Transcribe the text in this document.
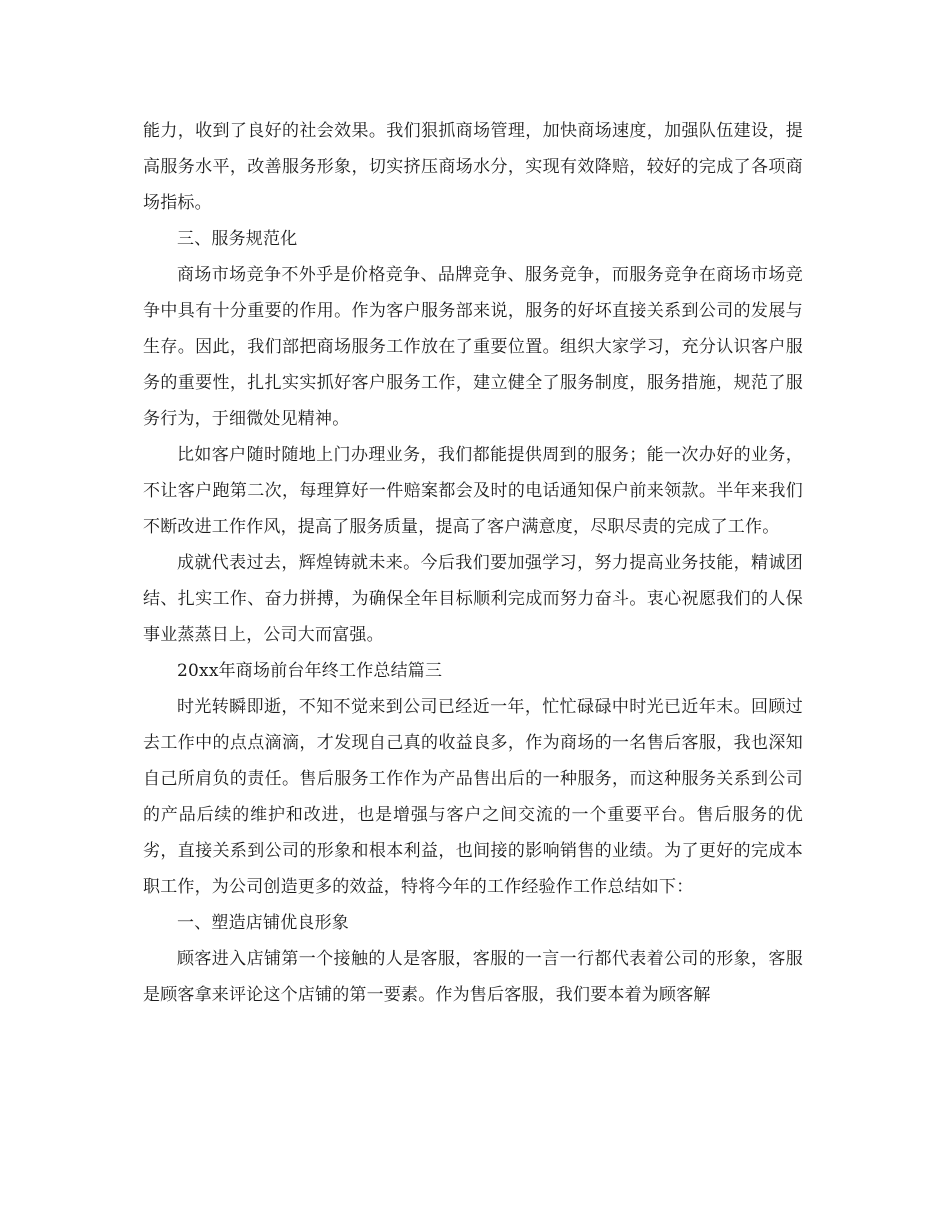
能力，收到了良好的社会效果。我们狠抓商场管理，加快商场速度，加强队伍建设，提高服务水平，改善服务形象，切实挤压商场水分，实现有效降赔，较好的完成了各项商场指标。

三、服务规范化

商场市场竞争不外乎是价格竞争、品牌竞争、服务竞争，而服务竞争在商场市场竞争中具有十分重要的作用。作为客户服务部来说，服务的好坏直接关系到公司的发展与生存。因此，我们部把商场服务工作放在了重要位置。组织大家学习，充分认识客户服务的重要性，扎扎实实抓好客户服务工作，建立健全了服务制度，服务措施，规范了服务行为，于细微处见精神。

比如客户随时随地上门办理业务，我们都能提供周到的服务；能一次办好的业务，不让客户跑第二次，每理算好一件赔案都会及时的电话通知保户前来领款。半年来我们不断改进工作作风，提高了服务质量，提高了客户满意度，尽职尽责的完成了工作。

成就代表过去，辉煌铸就未来。今后我们要加强学习，努力提高业务技能，精诚团结、扎实工作、奋力拼搏，为确保全年目标顺利完成而努力奋斗。衷心祝愿我们的人保事业蒸蒸日上，公司大而富强。

20xx年商场前台年终工作总结篇三

时光转瞬即逝，不知不觉来到公司已经近一年，忙忙碌碌中时光已近年末。回顾过去工作中的点点滴滴，才发现自己真的收益良多，作为商场的一名售后客服，我也深知自己所肩负的责任。售后服务工作作为产品售出后的一种服务，而这种服务关系到公司的产品后续的维护和改进，也是增强与客户之间交流的一个重要平台。售后服务的优劣，直接关系到公司的形象和根本利益，也间接的影响销售的业绩。为了更好的完成本职工作，为公司创造更多的效益，特将今年的工作经验作工作总结如下：

一、塑造店铺优良形象

顾客进入店铺第一个接触的人是客服，客服的一言一行都代表着公司的形象，客服是顾客拿来评论这个店铺的第一要素。作为售后客服，我们要本着为顾客解
